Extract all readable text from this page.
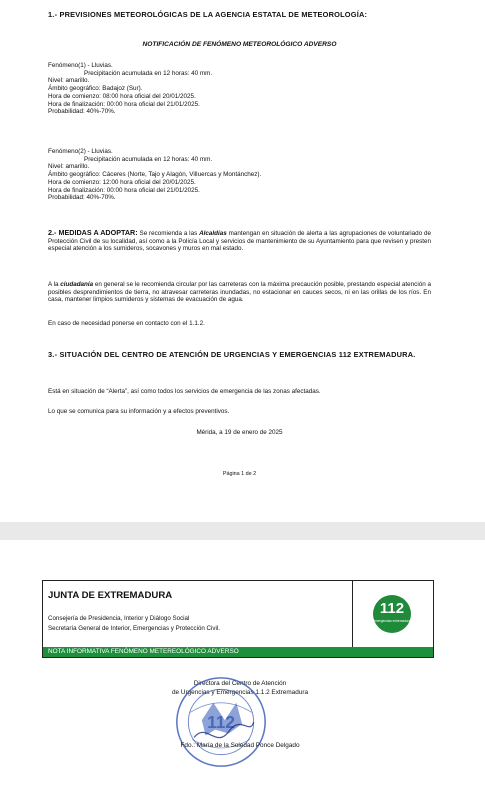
1.- PREVISIONES METEOROLÓGICAS DE LA AGENCIA ESTATAL DE METEOROLOGÍA:

NOTIFICACIÓN DE FENÓMENO METEOROLÓGICO ADVERSO
Fenómeno(1) - Lluvias.
Precipitación acumulada en 12 horas: 40 mm.
Nivel: amarillo.
Ámbito geográfico: Badajoz (Sur).
Hora de comienzo: 08:00 hora oficial del 20/01/2025.
Hora de finalización: 00:00 hora oficial del 21/01/2025.
Probabilidad: 40%-70%.
Fenómeno(2) - Lluvias.
Precipitación acumulada en 12 horas: 40 mm.
Nivel: amarillo.
Ámbito geográfico: Cáceres (Norte, Tajo y Alagón, Villuercas y Montánchez).
Hora de comienzo: 12:00 hora oficial del 20/01/2025.
Hora de finalización: 00:00 hora oficial del 21/01/2025.
Probabilidad: 40%-70%.

2.- MEDIDAS A ADOPTAR: Se recomienda a las Alcaldías mantengan en situación de alerta a las agrupaciones de voluntariado de Protección Civil de su localidad, así como a la Policía Local y servicios de mantenimiento de su Ayuntamiento para que revisen y presten especial atención a los sumideros, socavones y muros en mal estado.

A la ciudadanía en general se le recomienda circular por las carreteras con la máxima precaución posible, prestando especial atención a posibles desprendimientos de tierra, no atravesar carreteras inundadas, no estacionar en cauces secos, ni en las orillas de los ríos. En casa, mantener limpios sumideros y sistemas de evacuación de agua.

En caso de necesidad ponerse en contacto con el 1.1.2.

3.- SITUACIÓN DEL CENTRO DE ATENCIÓN DE URGENCIAS Y EMERGENCIAS 112 EXTREMADURA.

Está en situación de “Alerta”, así como todos los servicios de emergencia de las zonas afectadas.

Lo que se comunica para su información y a efectos preventivos.

Mérida, a 19 de enero de 2025

Página 1 de 2
JUNTA DE EXTREMADURA
Consejería de Presidencia, Interior y Diálogo Social
Secretaría General de Interior, Emergencias y Protección Civil.
112
emergencias extremadura
NOTA INFORMATIVA FENÓMENO METEREOLÓGICO ADVERSO
Directora del Centro de Atención
de Urgencias y Emergencias 1.1.2 Extremadura
112
Fdo.: María de la Soledad Ponce Delgado
